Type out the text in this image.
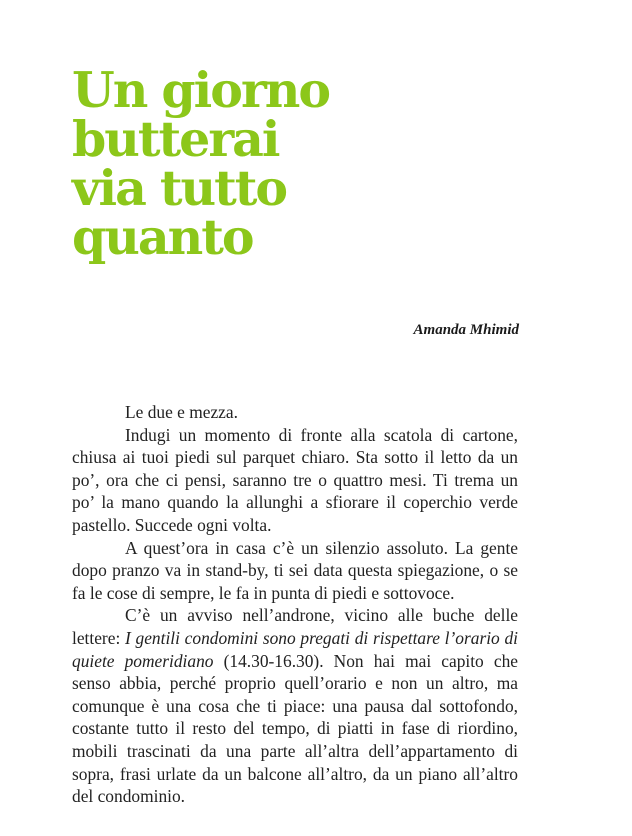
Un giorno
butterai
via tutto
quanto
Amanda Mhimid

Le due e mezza.

Indugi un momento di fronte alla scatola di cartone, chiusa ai tuoi piedi sul parquet chiaro. Sta sotto il letto da un po’, ora che ci pensi, saranno tre o quattro mesi. Ti trema un po’ la mano quando la allunghi a sfiorare il coperchio verde pastello. Succede ogni volta.

A quest’ora in casa c’è un silenzio assoluto. La gente dopo pranzo va in stand-by, ti sei data questa spiegazione, o se fa le cose di sempre, le fa in punta di piedi e sottovoce.

C’è un avviso nell’androne, vicino alle buche delle lettere: I gentili condomini sono pregati di rispettare l’orario di quiete pomeridiano (14.30-16.30). Non hai mai capito che senso abbia, perché proprio quell’orario e non un altro, ma comunque è una cosa che ti piace: una pausa dal sottofondo, costante tutto il resto del tempo, di piatti in fase di riordino, mobili trascinati da una parte all’altra dell’appartamento di sopra, frasi urlate da un balcone all’altro, da un piano all’altro del condominio.
